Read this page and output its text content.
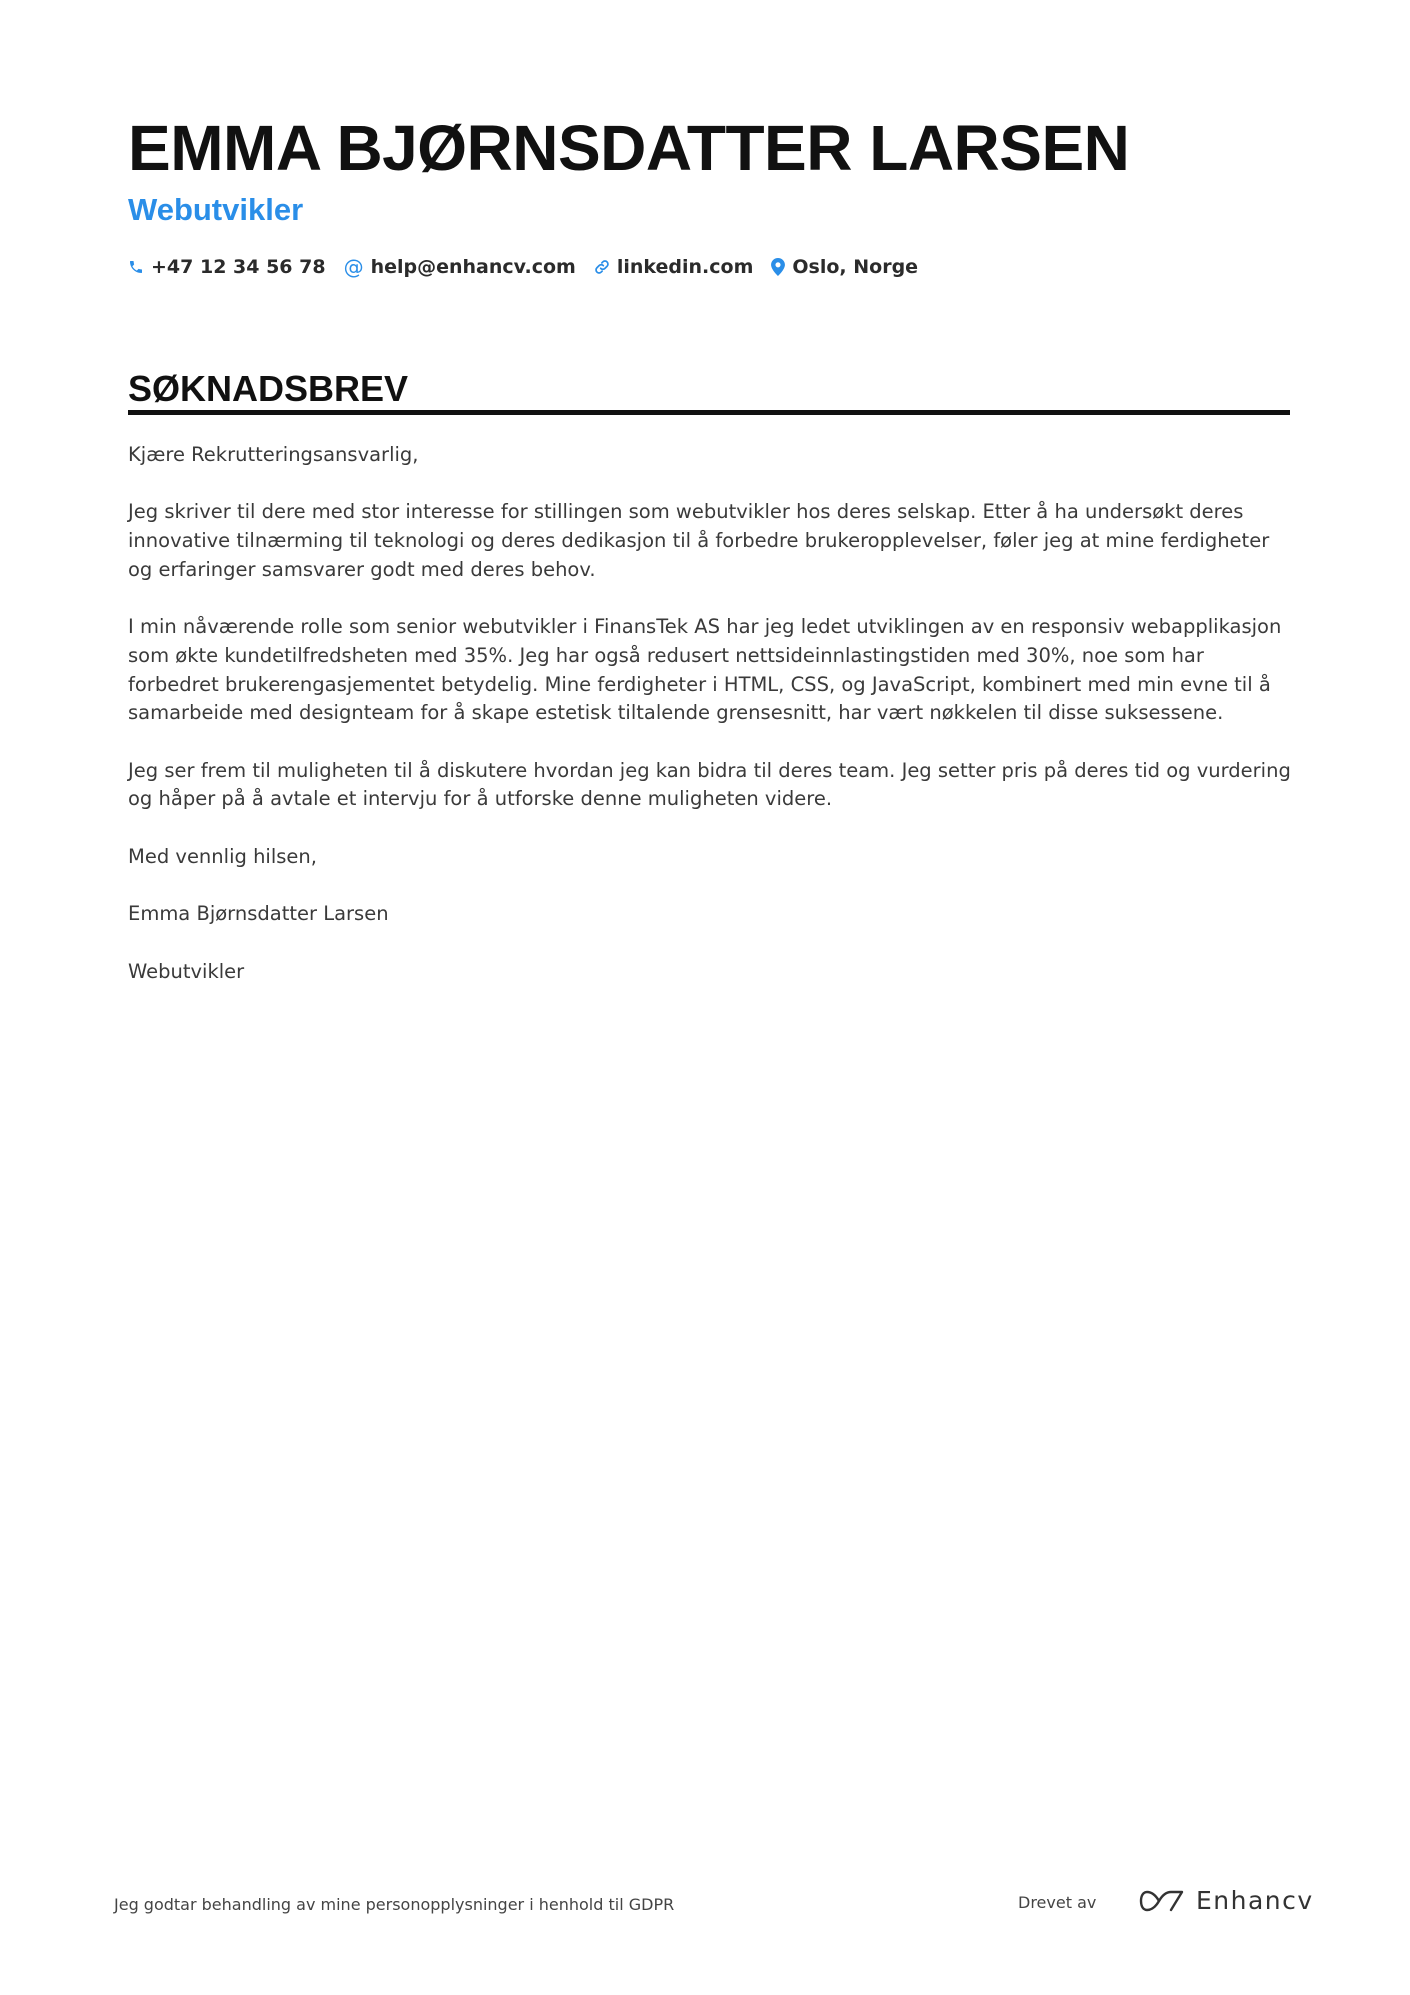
EMMA BJØRNSDATTER LARSEN
Webutvikler
+47 12 34 56 78 @ help@enhancv.com linkedin.com Oslo, Norge
SØKNADSBREV

Kjære Rekrutteringsansvarlig,

Jeg skriver til dere med stor interesse for stillingen som webutvikler hos deres selskap. Etter å ha undersøkt deres innovative tilnærming til teknologi og deres dedikasjon til å forbedre brukeropplevelser, føler jeg at mine ferdigheter og erfaringer samsvarer godt med deres behov.

I min nåværende rolle som senior webutvikler i FinansTek AS har jeg ledet utviklingen av en responsiv webapplikasjon som økte kundetilfredsheten med 35%. Jeg har også redusert nettsideinnlastingstiden med 30%, noe som har forbedret brukerengasjementet betydelig. Mine ferdigheter i HTML, CSS, og JavaScript, kombinert med min evne til å samarbeide med designteam for å skape estetisk tiltalende grensesnitt, har vært nøkkelen til disse suksessene.

Jeg ser frem til muligheten til å diskutere hvordan jeg kan bidra til deres team. Jeg setter pris på deres tid og vurdering og håper på å avtale et intervju for å utforske denne muligheten videre.

Med vennlig hilsen,

Emma Bjørnsdatter Larsen

Webutvikler

Jeg godtar behandling av mine personopplysninger i henhold til GDPR	Drevet av	Enhancv
